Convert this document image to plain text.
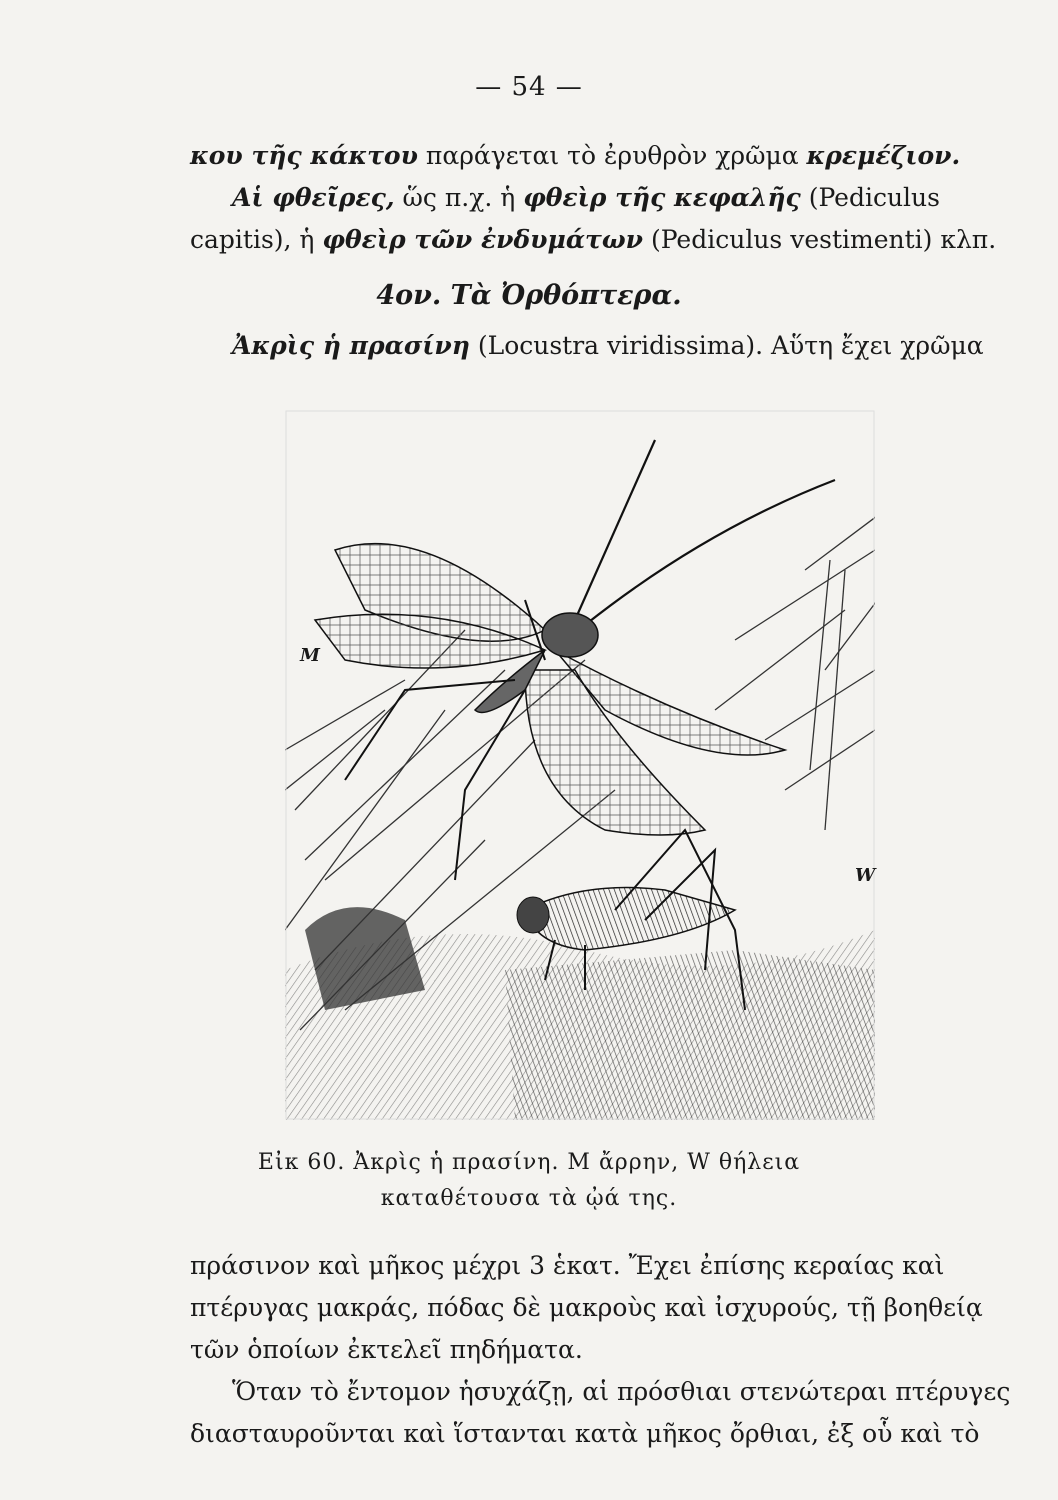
— 54 —
κου τῆς κάκτου παράγεται τὸ ἐρυθρὸν χρῶμα κρεμέζιον.
Αἱ φθεῖρες, ὥς π.χ. ἡ φθεὶρ τῆς κεφαλῆς (Pediculus
capitis), ἡ φθεὶρ τῶν ἐνδυμάτων (Pediculus vestimenti) κλπ.
4ον. Τὰ Ὀρθόπτερα.
Ἀκρὶς ἡ πρασίνη (Locustra viridissima). Αὕτη ἔχει χρῶμα
M
W
Εἰκ 60. Ἀκρὶς ἡ πρασίνη. Μ ἄρρην, W θήλεια
καταθέτουσα τὰ ᾠά της.
πράσινον καὶ μῆκος μέχρι 3 ἑκατ. Ἔχει ἐπίσης κεραίας καὶ
πτέρυγας μακράς, πόδας δὲ μακροὺς καὶ ἰσχυρούς, τῇ βοηθείᾳ
τῶν ὁποίων ἐκτελεῖ πηδήματα.
Ὅταν τὸ ἔντομον ἡσυχάζῃ, αἱ πρόσθιαι στενώτεραι πτέρυγες
διασταυροῦνται καὶ ἵστανται κατὰ μῆκος ὄρθιαι, ἐξ οὗ καὶ τὸ
